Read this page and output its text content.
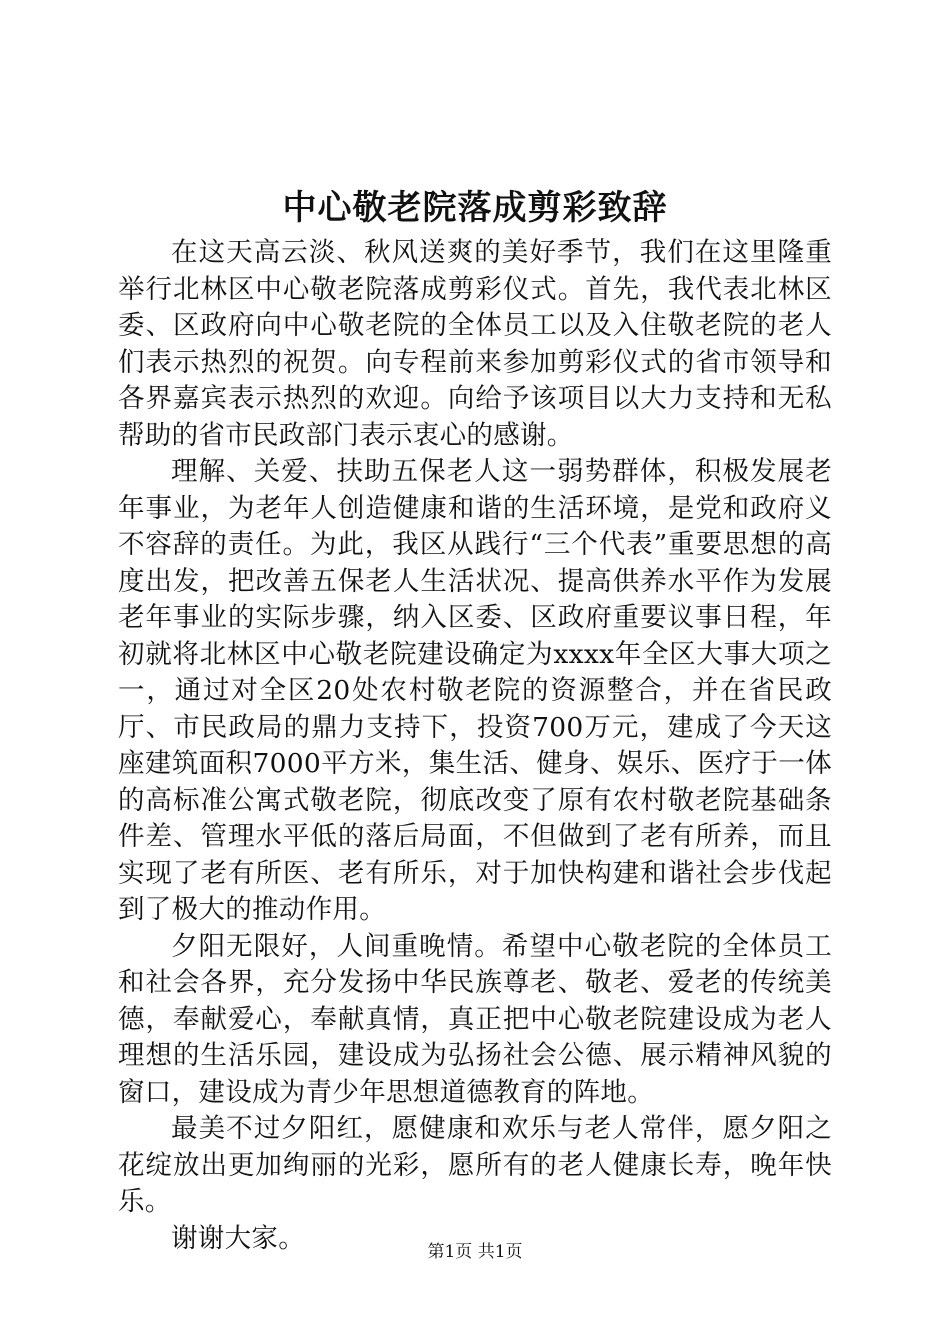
中心敬老院落成剪彩致辞

在这天高云淡、秋风送爽的美好季节，我们在这里隆重举行北林区中心敬老院落成剪彩仪式。首先，我代表北林区委、区政府向中心敬老院的全体员工以及入住敬老院的老人们表示热烈的祝贺。向专程前来参加剪彩仪式的省市领导和各界嘉宾表示热烈的欢迎。向给予该项目以大力支持和无私帮助的省市民政部门表示衷心的感谢。

理解、关爱、扶助五保老人这一弱势群体，积极发展老年事业，为老年人创造健康和谐的生活环境，是党和政府义不容辞的责任。为此，我区从践行“三个代表”重要思想的高度出发，把改善五保老人生活状况、提高供养水平作为发展老年事业的实际步骤，纳入区委、区政府重要议事日程，年初就将北林区中心敬老院建设确定为xxxx年全区大事大项之一，通过对全区20处农村敬老院的资源整合，并在省民政厅、市民政局的鼎力支持下，投资700万元，建成了今天这座建筑面积7000平方米，集生活、健身、娱乐、医疗于一体的高标准公寓式敬老院，彻底改变了原有农村敬老院基础条件差、管理水平低的落后局面，不但做到了老有所养，而且实现了老有所医、老有所乐，对于加快构建和谐社会步伐起到了极大的推动作用。

夕阳无限好，人间重晚情。希望中心敬老院的全体员工和社会各界，充分发扬中华民族尊老、敬老、爱老的传统美德，奉献爱心，奉献真情，真正把中心敬老院建设成为老人理想的生活乐园，建设成为弘扬社会公德、展示精神风貌的窗口，建设成为青少年思想道德教育的阵地。

最美不过夕阳红，愿健康和欢乐与老人常伴，愿夕阳之花绽放出更加绚丽的光彩，愿所有的老人健康长寿，晚年快乐。

谢谢大家。	第1页 共1页
